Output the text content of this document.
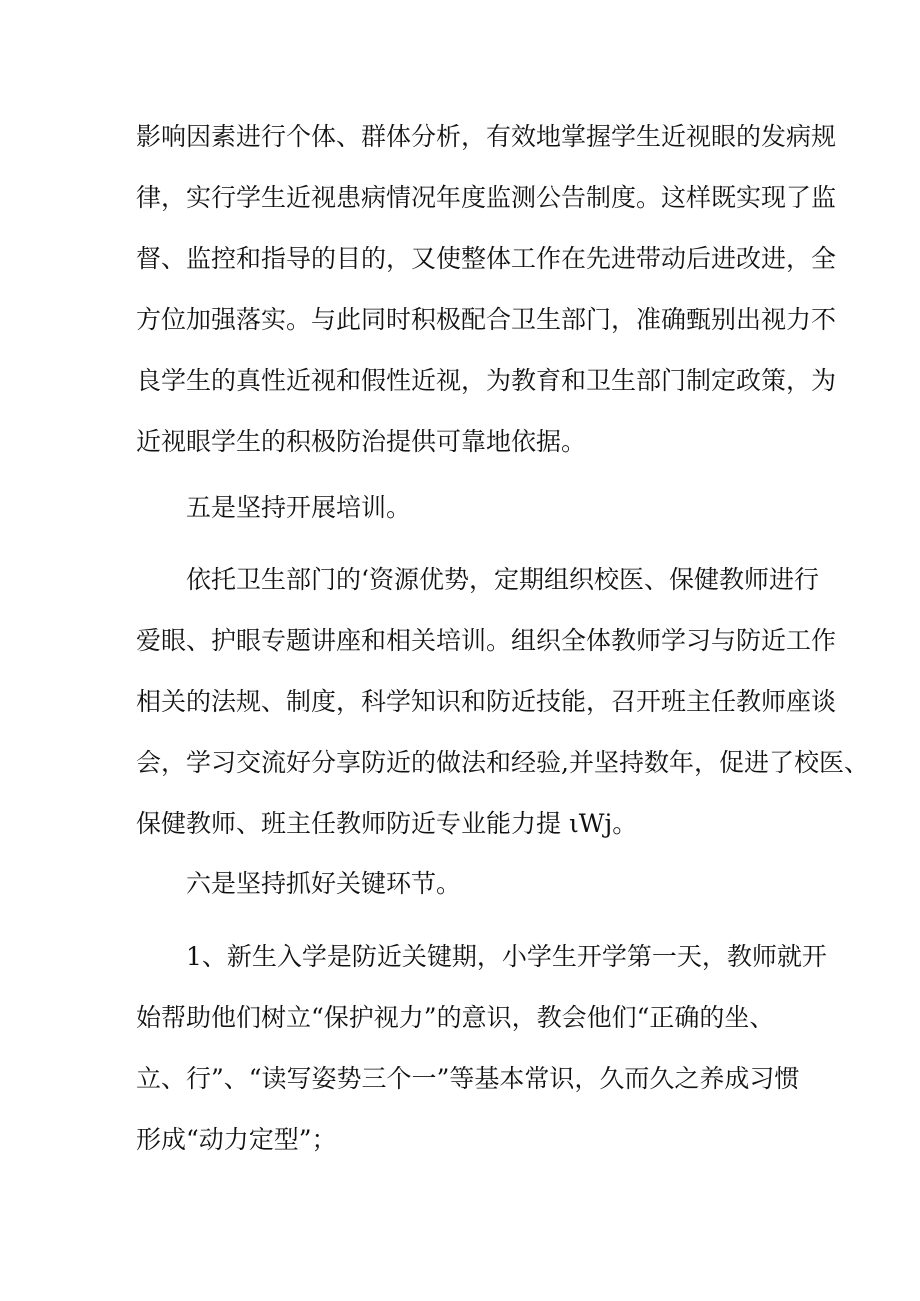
影响因素进行个体、群体分析，有效地掌握学生近视眼的发病规
律，实行学生近视患病情况年度监测公告制度。这样既实现了监
督、监控和指导的目的，又使整体工作在先进带动后进改进，全
方位加强落实。与此同时积极配合卫生部门，准确甄别出视力不
良学生的真性近视和假性近视，为教育和卫生部门制定政策，为
近视眼学生的积极防治提供可靠地依据。
五是坚持开展培训。
依托卫生部门的‘资源优势，定期组织校医、保健教师进行
爱眼、护眼专题讲座和相关培训。组织全体教师学习与防近工作
相关的法规、制度，科学知识和防近技能，召开班主任教师座谈
会，学习交流好分享防近的做法和经验,并坚持数年，促进了校医、
保健教师、班主任教师防近专业能力提 ιWj。
六是坚持抓好关键环节。
1、新生入学是防近关键期，小学生开学第一天，教师就开
始帮助他们树立“保护视力”的意识，教会他们“正确的坐、
立、行”、“读写姿势三个一”等基本常识，久而久之养成习惯
形成“动力定型”；
